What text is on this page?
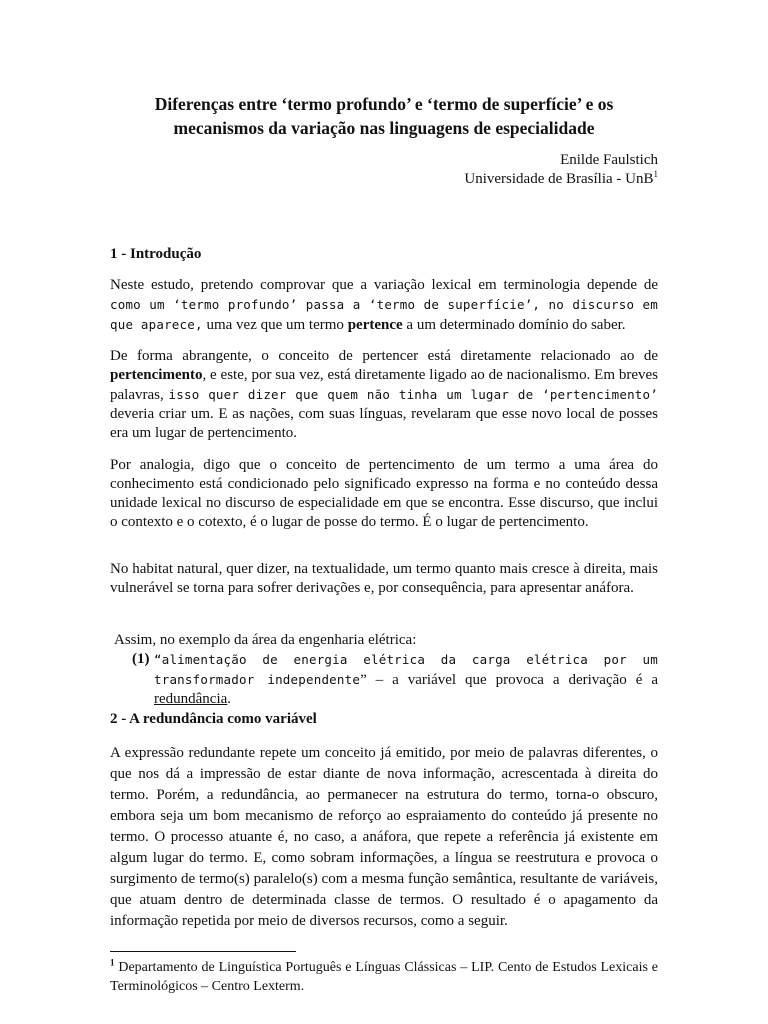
Diferenças entre ‘termo profundo’ e ‘termo de superfície’ e os
mecanismos da variação nas linguagens de especialidade
Enilde Faulstich
Universidade de Brasília - UnB$^1$
1 - Introdução

Neste estudo, pretendo comprovar que a variação lexical em terminologia depende de como um ‘termo profundo’ passa a ‘termo de superfície’, no discurso em que aparece, uma vez que um termo pertence a um determinado domínio do saber.

De forma abrangente, o conceito de pertencer está diretamente relacionado ao de pertencimento, e este, por sua vez, está diretamente ligado ao de nacionalismo. Em breves palavras, isso quer dizer que quem não tinha um lugar de ‘pertencimento’ deveria criar um. E as nações, com suas línguas, revelaram que esse novo local de posses era um lugar de pertencimento.

Por analogia, digo que o conceito de pertencimento de um termo a uma área do conhecimento está condicionado pelo significado expresso na forma e no conteúdo dessa unidade lexical no discurso de especialidade em que se encontra. Esse discurso, que inclui o contexto e o cotexto, é o lugar de posse do termo. É o lugar de pertencimento.

No habitat natural, quer dizer, na textualidade, um termo quanto mais cresce à direita, mais vulnerável se torna para sofrer derivações e, por consequência, para apresentar anáfora.

Assim, no exemplo da área da engenharia elétrica:
(1) “alimentação de energia elétrica da carga elétrica por um transformador independente” – a variável que provoca a derivação é a redundância.

2 - A redundância como variável

A expressão redundante repete um conceito já emitido, por meio de palavras diferentes, o que nos dá a impressão de estar diante de nova informação, acrescentada à direita do termo. Porém, a redundância, ao permanecer na estrutura do termo, torna-o obscuro, embora seja um bom mecanismo de reforço ao espraiamento do conteúdo já presente no termo. O processo atuante é, no caso, a anáfora, que repete a referência já existente em algum lugar do termo. E, como sobram informações, a língua se reestrutura e provoca o surgimento de termo(s) paralelo(s) com a mesma função semântica, resultante de variáveis, que atuam dentro de determinada classe de termos. O resultado é o apagamento da informação repetida por meio de diversos recursos, como a seguir.

$^1$ Departamento de Linguística Português e Línguas Clássicas – LIP. Cento de Estudos Lexicais e Terminológicos – Centro Lexterm.
